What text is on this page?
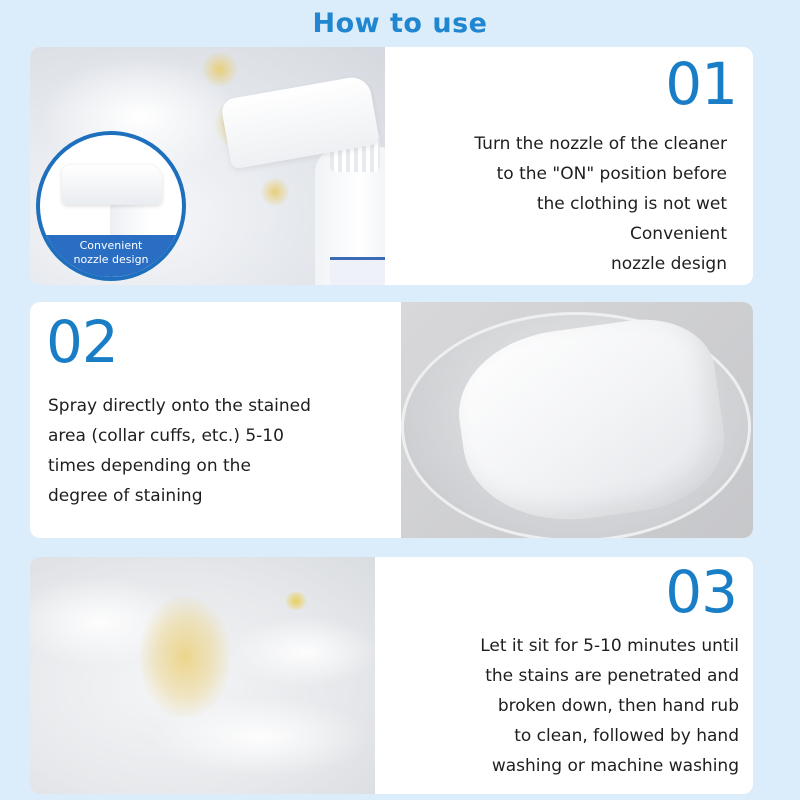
How to use
Convenient
nozzle design
01
Turn the nozzle of the cleaner
to the "ON" position before
the clothing is not wet
Convenient
nozzle design
02
Spray directly onto the stained
area (collar cuffs, etc.) 5-10
times depending on the
degree of staining
03
Let it sit for 5-10 minutes until
the stains are penetrated and
broken down, then hand rub
to clean, followed by hand
washing or machine washing
